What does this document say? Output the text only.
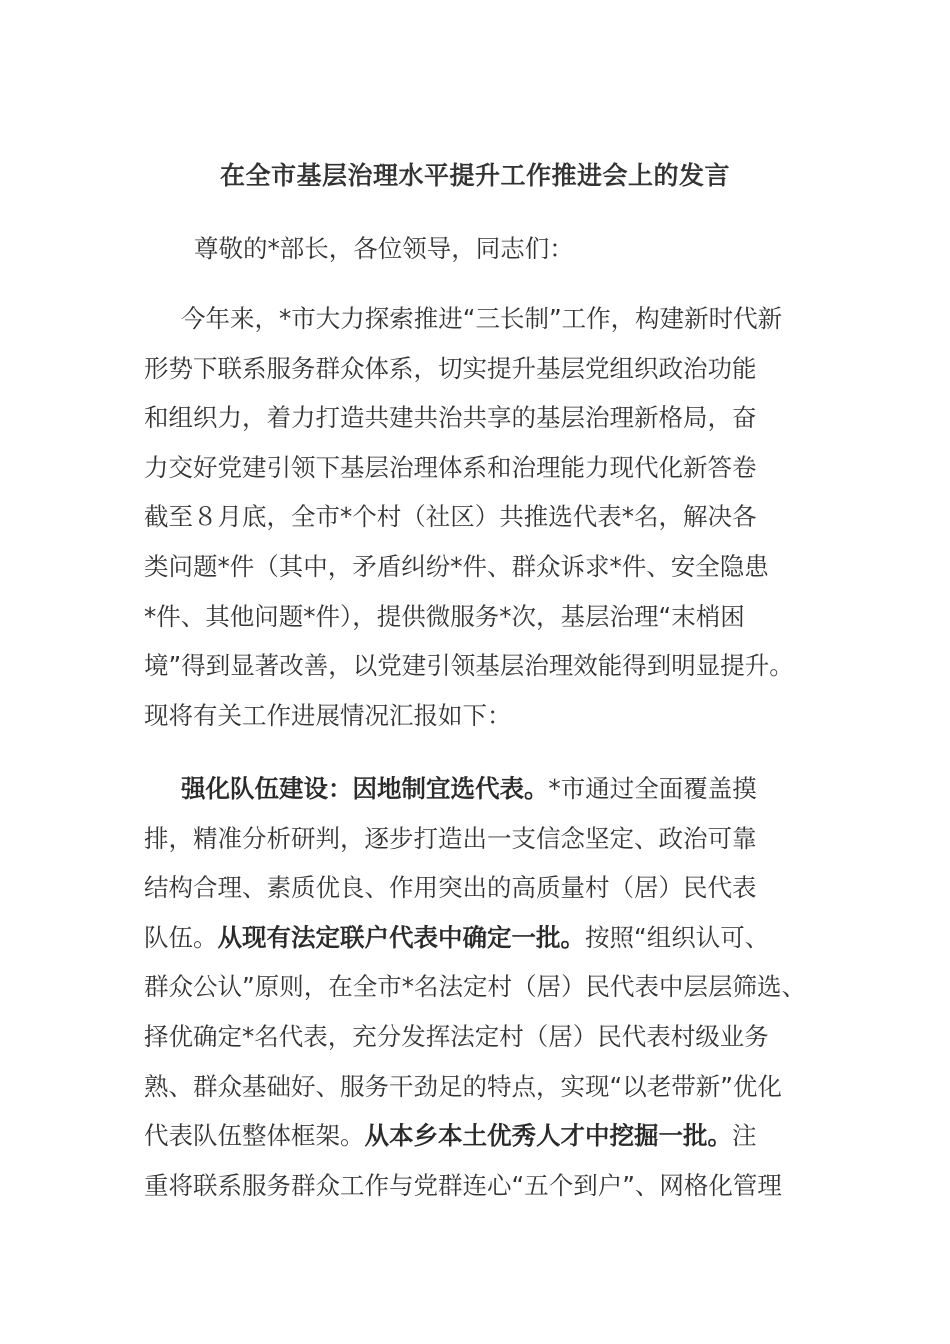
在全市基层治理水平提升工作推进会上的发言
尊敬的*部长，各位领导，同志们：
今年来，*市大力探索推进“三长制”工作，构建新时代新
形势下联系服务群众体系，切实提升基层党组织政治功能
和组织力，着力打造共建共治共享的基层治理新格局，奋
力交好党建引领下基层治理体系和治理能力现代化新答卷
截至８月底，全市*个村（社区）共推选代表*名，解决各
类问题*件（其中，矛盾纠纷*件、群众诉求*件、安全隐患
*件、其他问题*件），提供微服务*次，基层治理“末梢困
境”得到显著改善，以党建引领基层治理效能得到明显提升。
现将有关工作进展情况汇报如下：
强化队伍建设：因地制宜选代表。*市通过全面覆盖摸
排，精准分析研判，逐步打造出一支信念坚定、政治可靠
结构合理、素质优良、作用突出的高质量村（居）民代表
队伍。从现有法定联户代表中确定一批。按照“组织认可、
群众公认”原则，在全市*名法定村（居）民代表中层层筛选、
择优确定*名代表，充分发挥法定村（居）民代表村级业务
熟、群众基础好、服务干劲足的特点，实现“以老带新”优化
代表队伍整体框架。从本乡本土优秀人才中挖掘一批。注
重将联系服务群众工作与党群连心“五个到户”、网格化管理
